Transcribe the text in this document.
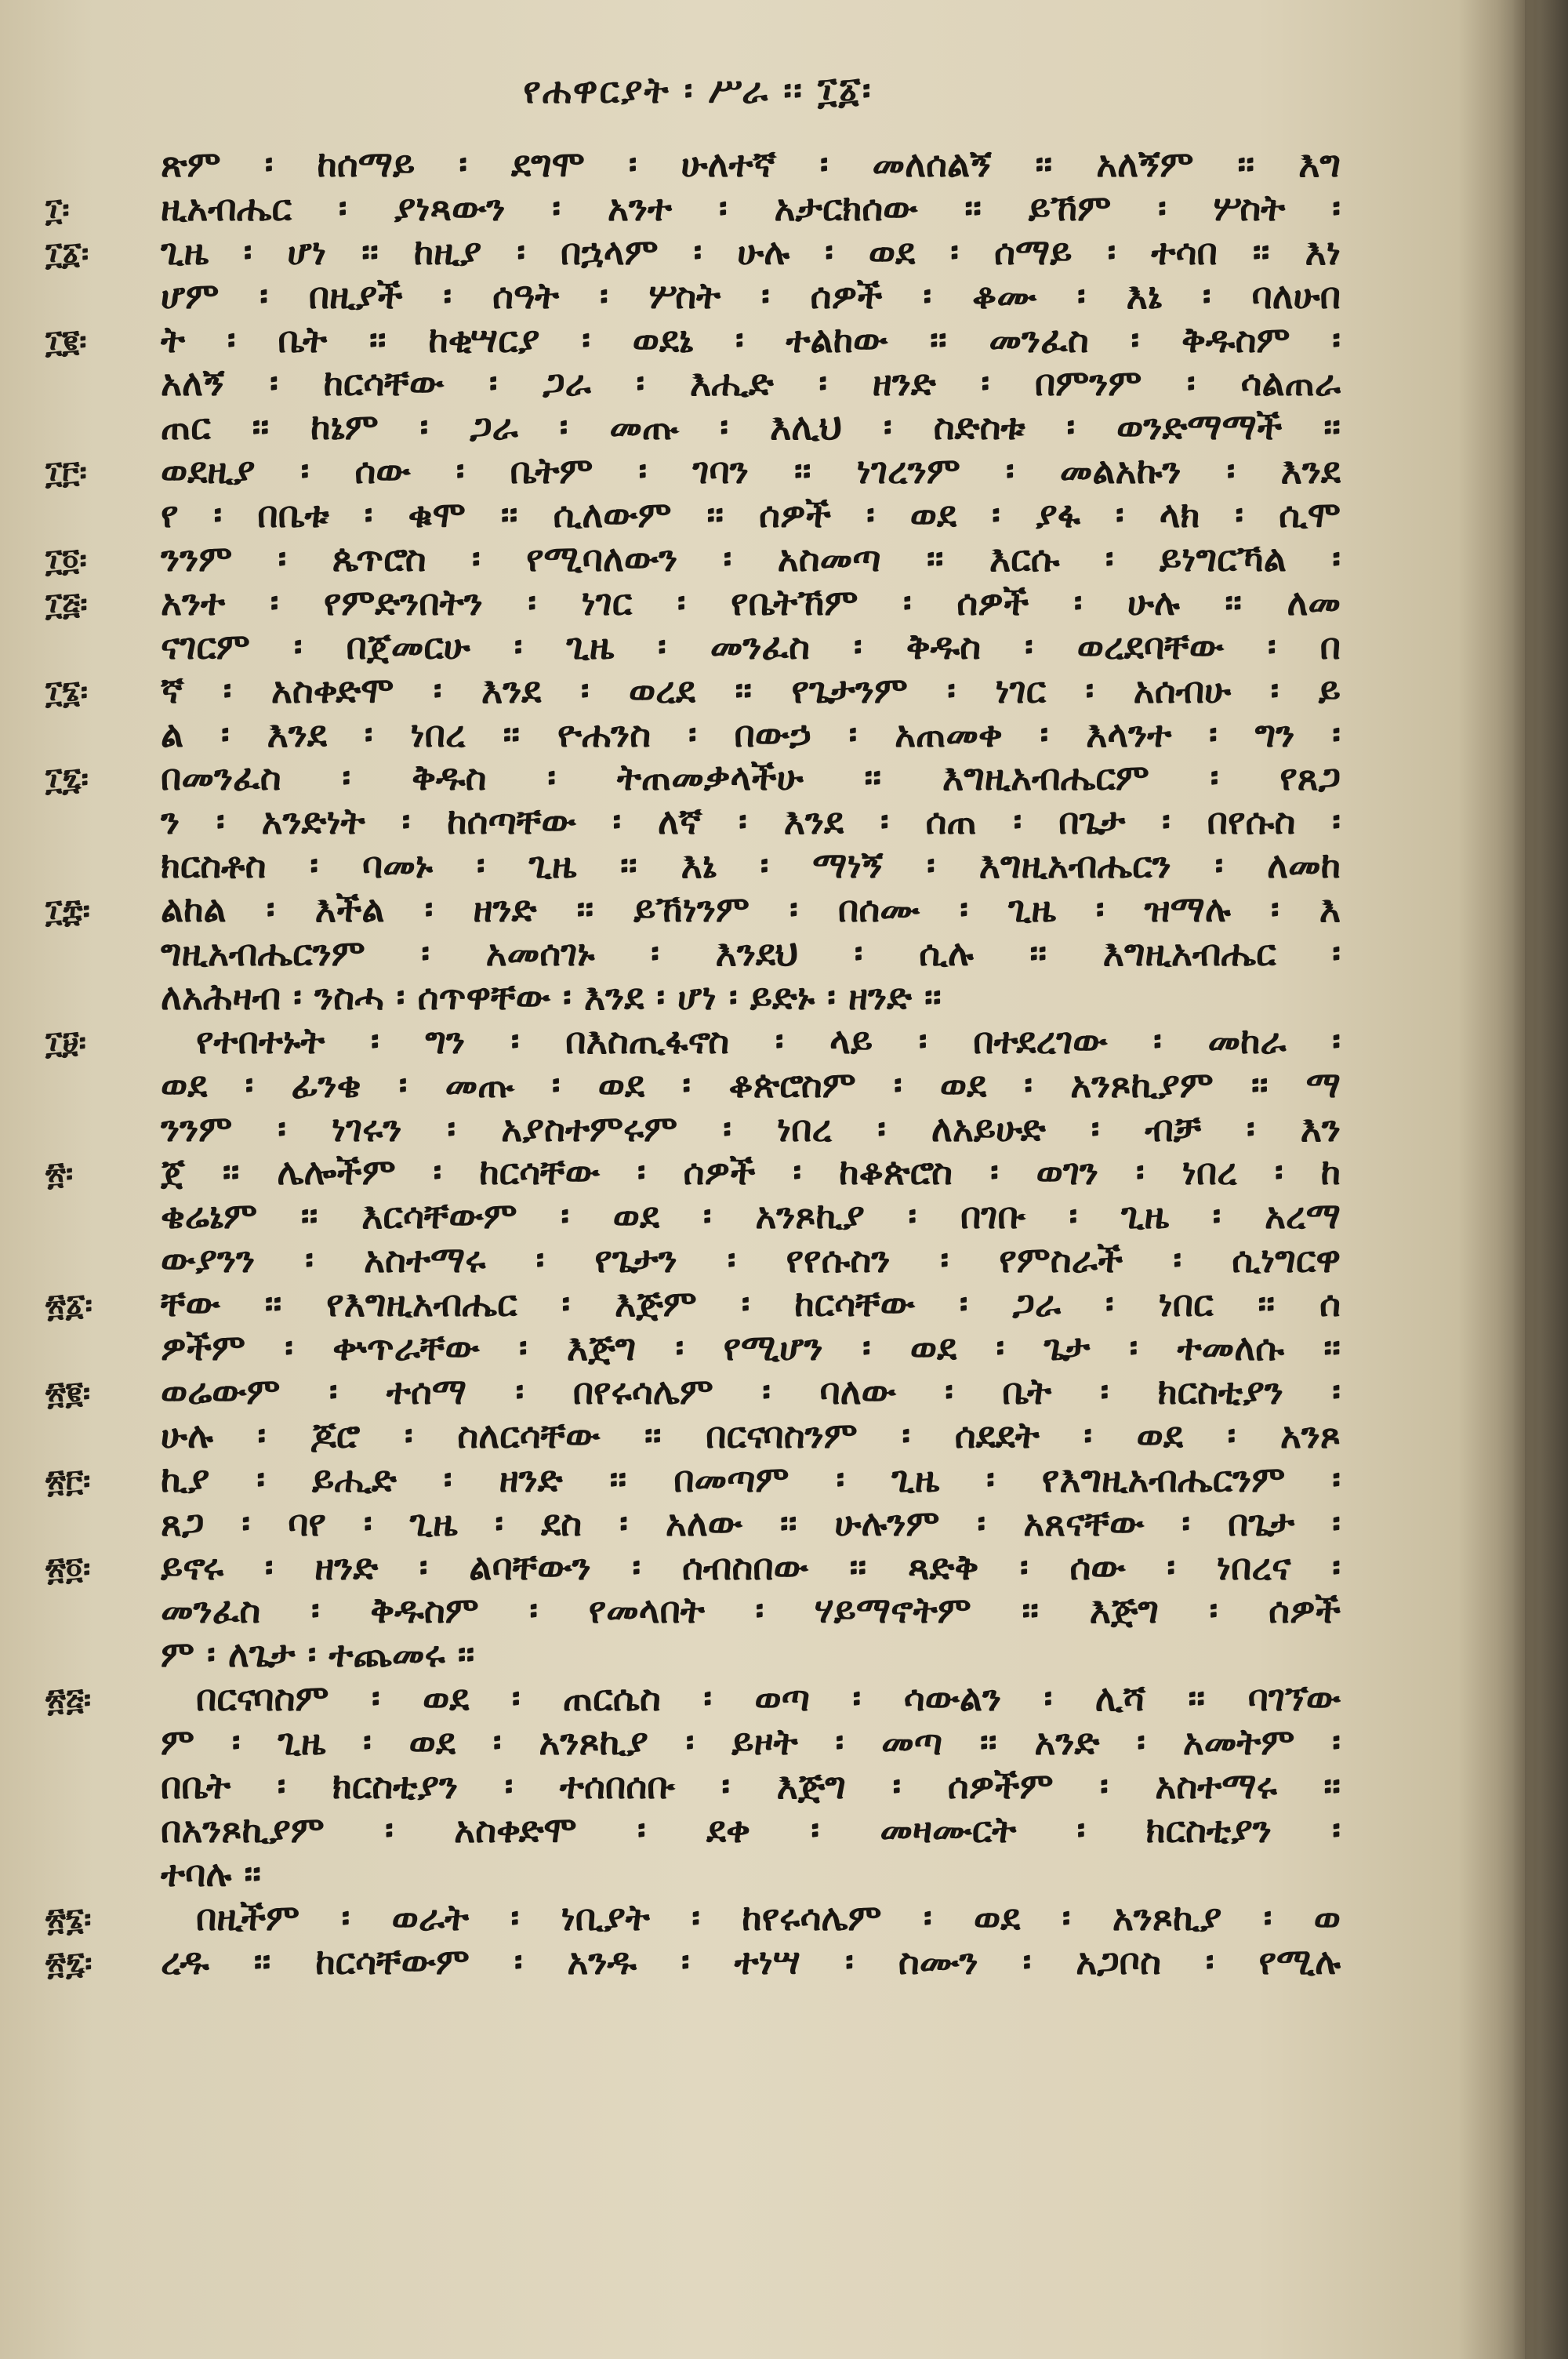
የሐዋርያት ፡ ሥራ ፡፡ ፲፩፡
ጽም ፡ ከሰማይ ፡ ደግሞ ፡ ሁለተኛ ፡ መለሰልኝ ፡፡ አለኝም ፡፡ እግ
፲፡	ዚአብሔር ፡ ያነጻውን ፡ አንተ ፡ አታርክሰው ፡፡ ይኸም ፡ ሦስት ፡
፲፩፡ ጊዜ ፡ ሆነ ፡፡ ከዚያ ፡ በኋላም ፡ ሁሉ ፡ ወደ ፡ ሰማይ ፡ ተሳበ ፡፡ እነ
ሆም ፡ በዚያች ፡ ሰዓት ፡ ሦስት ፡ ሰዎች ፡ ቆሙ ፡ እኔ ፡ ባለሁበ
፲፪፡ ት ፡ ቤት ፡፡ ከቂሣርያ ፡ ወደኔ ፡ ተልከው ፡፡ መንፈስ ፡ ቅዱስም ፡
አለኝ ፡ ከርሳቸው ፡ ጋራ ፡ እሒድ ፡ ዘንድ ፡ በምንም ፡ ሳልጠራ
ጠር ፡፡ ከኔም ፡ ጋራ ፡ መጡ ፡ እሊህ ፡ ስድስቱ ፡ ወንድማማች ፡፡
፲፫፡ ወደዚያ ፡ ሰው ፡ ቤትም ፡ ገባን ፡፡ ነገረንም ፡ መልአኩን ፡ እንደ
የ ፡ በቤቱ ፡ ቁሞ ፡፡ ሲለውም ፡፡ ሰዎች ፡ ወደ ፡ ያፋ ፡ ላክ ፡ ሲሞ
፲፬፡ ንንም ፡ ጴጥሮስ ፡ የሚባለውን ፡ አስመጣ ፡፡ እርሱ ፡ ይነግርኻል ፡
፲፭፡ አንተ ፡ የምድንበትን ፡ ነገር ፡ የቤትኸም ፡ ሰዎች ፡ ሁሉ ፡፡ ለመ
ናገርም ፡ በጀመርሁ ፡ ጊዜ ፡ መንፈስ ፡ ቅዱስ ፡ ወረደባቸው ፡ በ
፲፮፡ ኛ ፡ አስቀድሞ ፡ እንደ ፡ ወረደ ፡፡ የጌታንም ፡ ነገር ፡ አሰብሁ ፡ ይ
ል ፡ እንደ ፡ ነበረ ፡፡ ዮሐንስ ፡ በውኃ ፡ አጠመቀ ፡ እላንተ ፡ ግን ፡
፲፯፡ በመንፈስ ፡ ቅዱስ ፡ ትጠመቃላችሁ ፡፡ እግዚአብሔርም ፡ የጸጋ
ን ፡ አንድነት ፡ ከሰጣቸው ፡ ለኛ ፡ እንደ ፡ ሰጠ ፡ በጌታ ፡ በየሱስ ፡
ክርስቶስ ፡ ባመኑ ፡ ጊዜ ፡፡ እኔ ፡ ማነኝ ፡ እግዚአብሔርን ፡ ለመከ
፲፰፡ ልከል ፡ እችል ፡ ዘንድ ፡፡ ይኸነንም ፡ በሰሙ ፡ ጊዜ ፡ ዝማሉ ፡ እ
ግዚአብሔርንም ፡ አመሰገኑ ፡ እንደህ ፡ ሲሉ ፡፡ እግዚአብሔር ፡
ለአሕዛብ ፡ ንስሓ ፡ ሰጥዋቸው ፡ እንደ ፡ ሆነ ፡ ይድኑ ፡ ዘንድ ፡፡
፲፱፡	የተበተኑት ፡ ግን ፡ በእስጢፋኖስ ፡ ላይ ፡ በተደረገው ፡ መከራ ፡
ወደ ፡ ፊንቄ ፡ መጡ ፡ ወደ ፡ ቆጵሮስም ፡ ወደ ፡ አንጾኪያም ፡፡ ማ
ንንም ፡ ነገሩን ፡ አያስተምሩም ፡ ነበረ ፡ ለአይሁድ ፡ ብቻ ፡ እን
፳፡ ጀ ፡፡ ሌሎችም ፡ ከርሳቸው ፡ ሰዎች ፡ ከቆጵሮስ ፡ ወገን ፡ ነበረ ፡ ከ
ቄሬኔም ፡፡ እርሳቸውም ፡ ወደ ፡ አንጾኪያ ፡ በገቡ ፡ ጊዜ ፡ አረማ
ውያንን ፡ አስተማሩ ፡ የጌታን ፡ የየሱስን ፡ የምስራች ፡ ሲነግርዋ
፳፩፡ ቸው ፡፡ የእግዚአብሔር ፡ እጅም ፡ ከርሳቸው ፡ ጋራ ፡ ነበር ፡፡ ሰ
ዎችም ፡ ቍጥራቸው ፡ እጅግ ፡ የሚሆን ፡ ወደ ፡ ጌታ ፡ ተመለሱ ፡፡
፳፪፡ ወሬውም ፡ ተሰማ ፡ በየሩሳሌም ፡ ባለው ፡ ቤት ፡ ክርስቲያን ፡
ሁሉ ፡ ጆሮ ፡ ስለርሳቸው ፡፡ በርናባስንም ፡ ሰደደት ፡ ወደ ፡ አንጾ
፳፫፡ ኪያ ፡ ይሒድ ፡ ዘንድ ፡፡ በመጣም ፡ ጊዜ ፡ የእግዚአብሔርንም ፡
ጸጋ ፡ ባየ ፡ ጊዜ ፡ ደስ ፡ አለው ፡፡ ሁሉንም ፡ አጸናቸው ፡ በጌታ ፡
፳፬፡ ይኖሩ ፡ ዘንድ ፡ ልባቸውን ፡ ሰብስበው ፡፡ ጻድቅ ፡ ሰው ፡ ነበረና ፡
መንፈስ ፡ ቅዱስም ፡ የመላበት ፡ ሃይማኖትም ፡፡ እጅግ ፡ ሰዎች
ም ፡ ለጌታ ፡ ተጨመሩ ፡፡
፳፭፡	በርናባስም ፡ ወደ ፡ ጠርሴስ ፡ ወጣ ፡ ሳውልን ፡ ሊሻ ፡፡ ባገኘው
ም ፡ ጊዜ ፡ ወደ ፡ አንጾኪያ ፡ ይዞት ፡ መጣ ፡፡ አንድ ፡ አመትም ፡
በቤት ፡ ክርስቲያን ፡ ተሰበሰቡ ፡ እጅግ ፡ ሰዎችም ፡ አስተማሩ ፡፡
በአንጾኪያም ፡ አስቀድሞ ፡ ደቀ ፡ መዛሙርት ፡ ክርስቲያን ፡
ተባሉ ፡፡
፳፮፡	በዚችም ፡ ወራት ፡ ነቢያት ፡ ከየሩሳሌም ፡ ወደ ፡ አንጾኪያ ፡ ወ
፳፯፡ ረዱ ፡፡ ከርሳቸውም ፡ አንዱ ፡ ተነሣ ፡ ስሙን ፡ አጋቦስ ፡ የሚሉ
